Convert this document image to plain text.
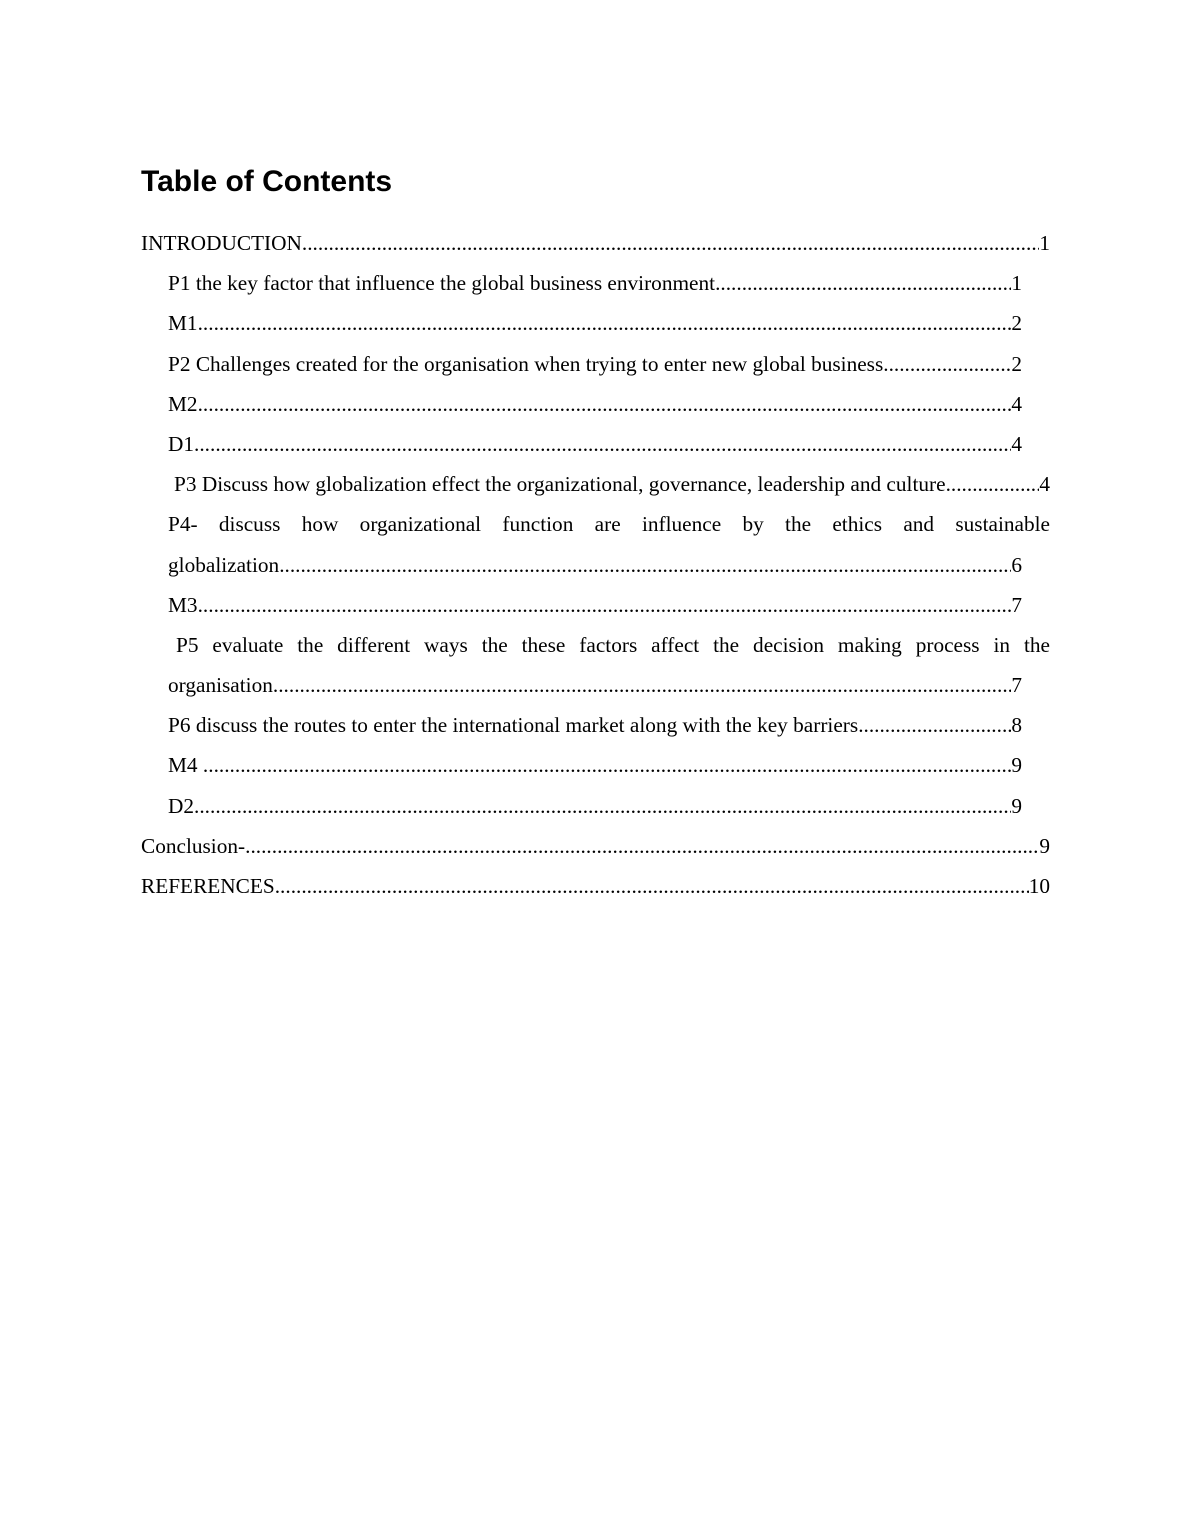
Table of Contents
INTRODUCTION .....	1
P1 the key factor that influence the global business environment .....	1
M1 .....	2
P2 Challenges created for the organisation when trying to enter new global business .....	2
M2 .....	4
D1 .....	4
P3 Discuss how globalization effect the organizational, governance, leadership and culture .....	4
P4- discuss how organizational function are influence by the ethics and sustainable
globalization .....	6
M3 .....	7
P5 evaluate the different ways the these factors affect the decision making process in the
organisation .....	7
P6 discuss the routes to enter the international market along with the key barriers .....	8
M4 .....	9
D2 .....	9
Conclusion- .....	9
REFERENCES .....	10
